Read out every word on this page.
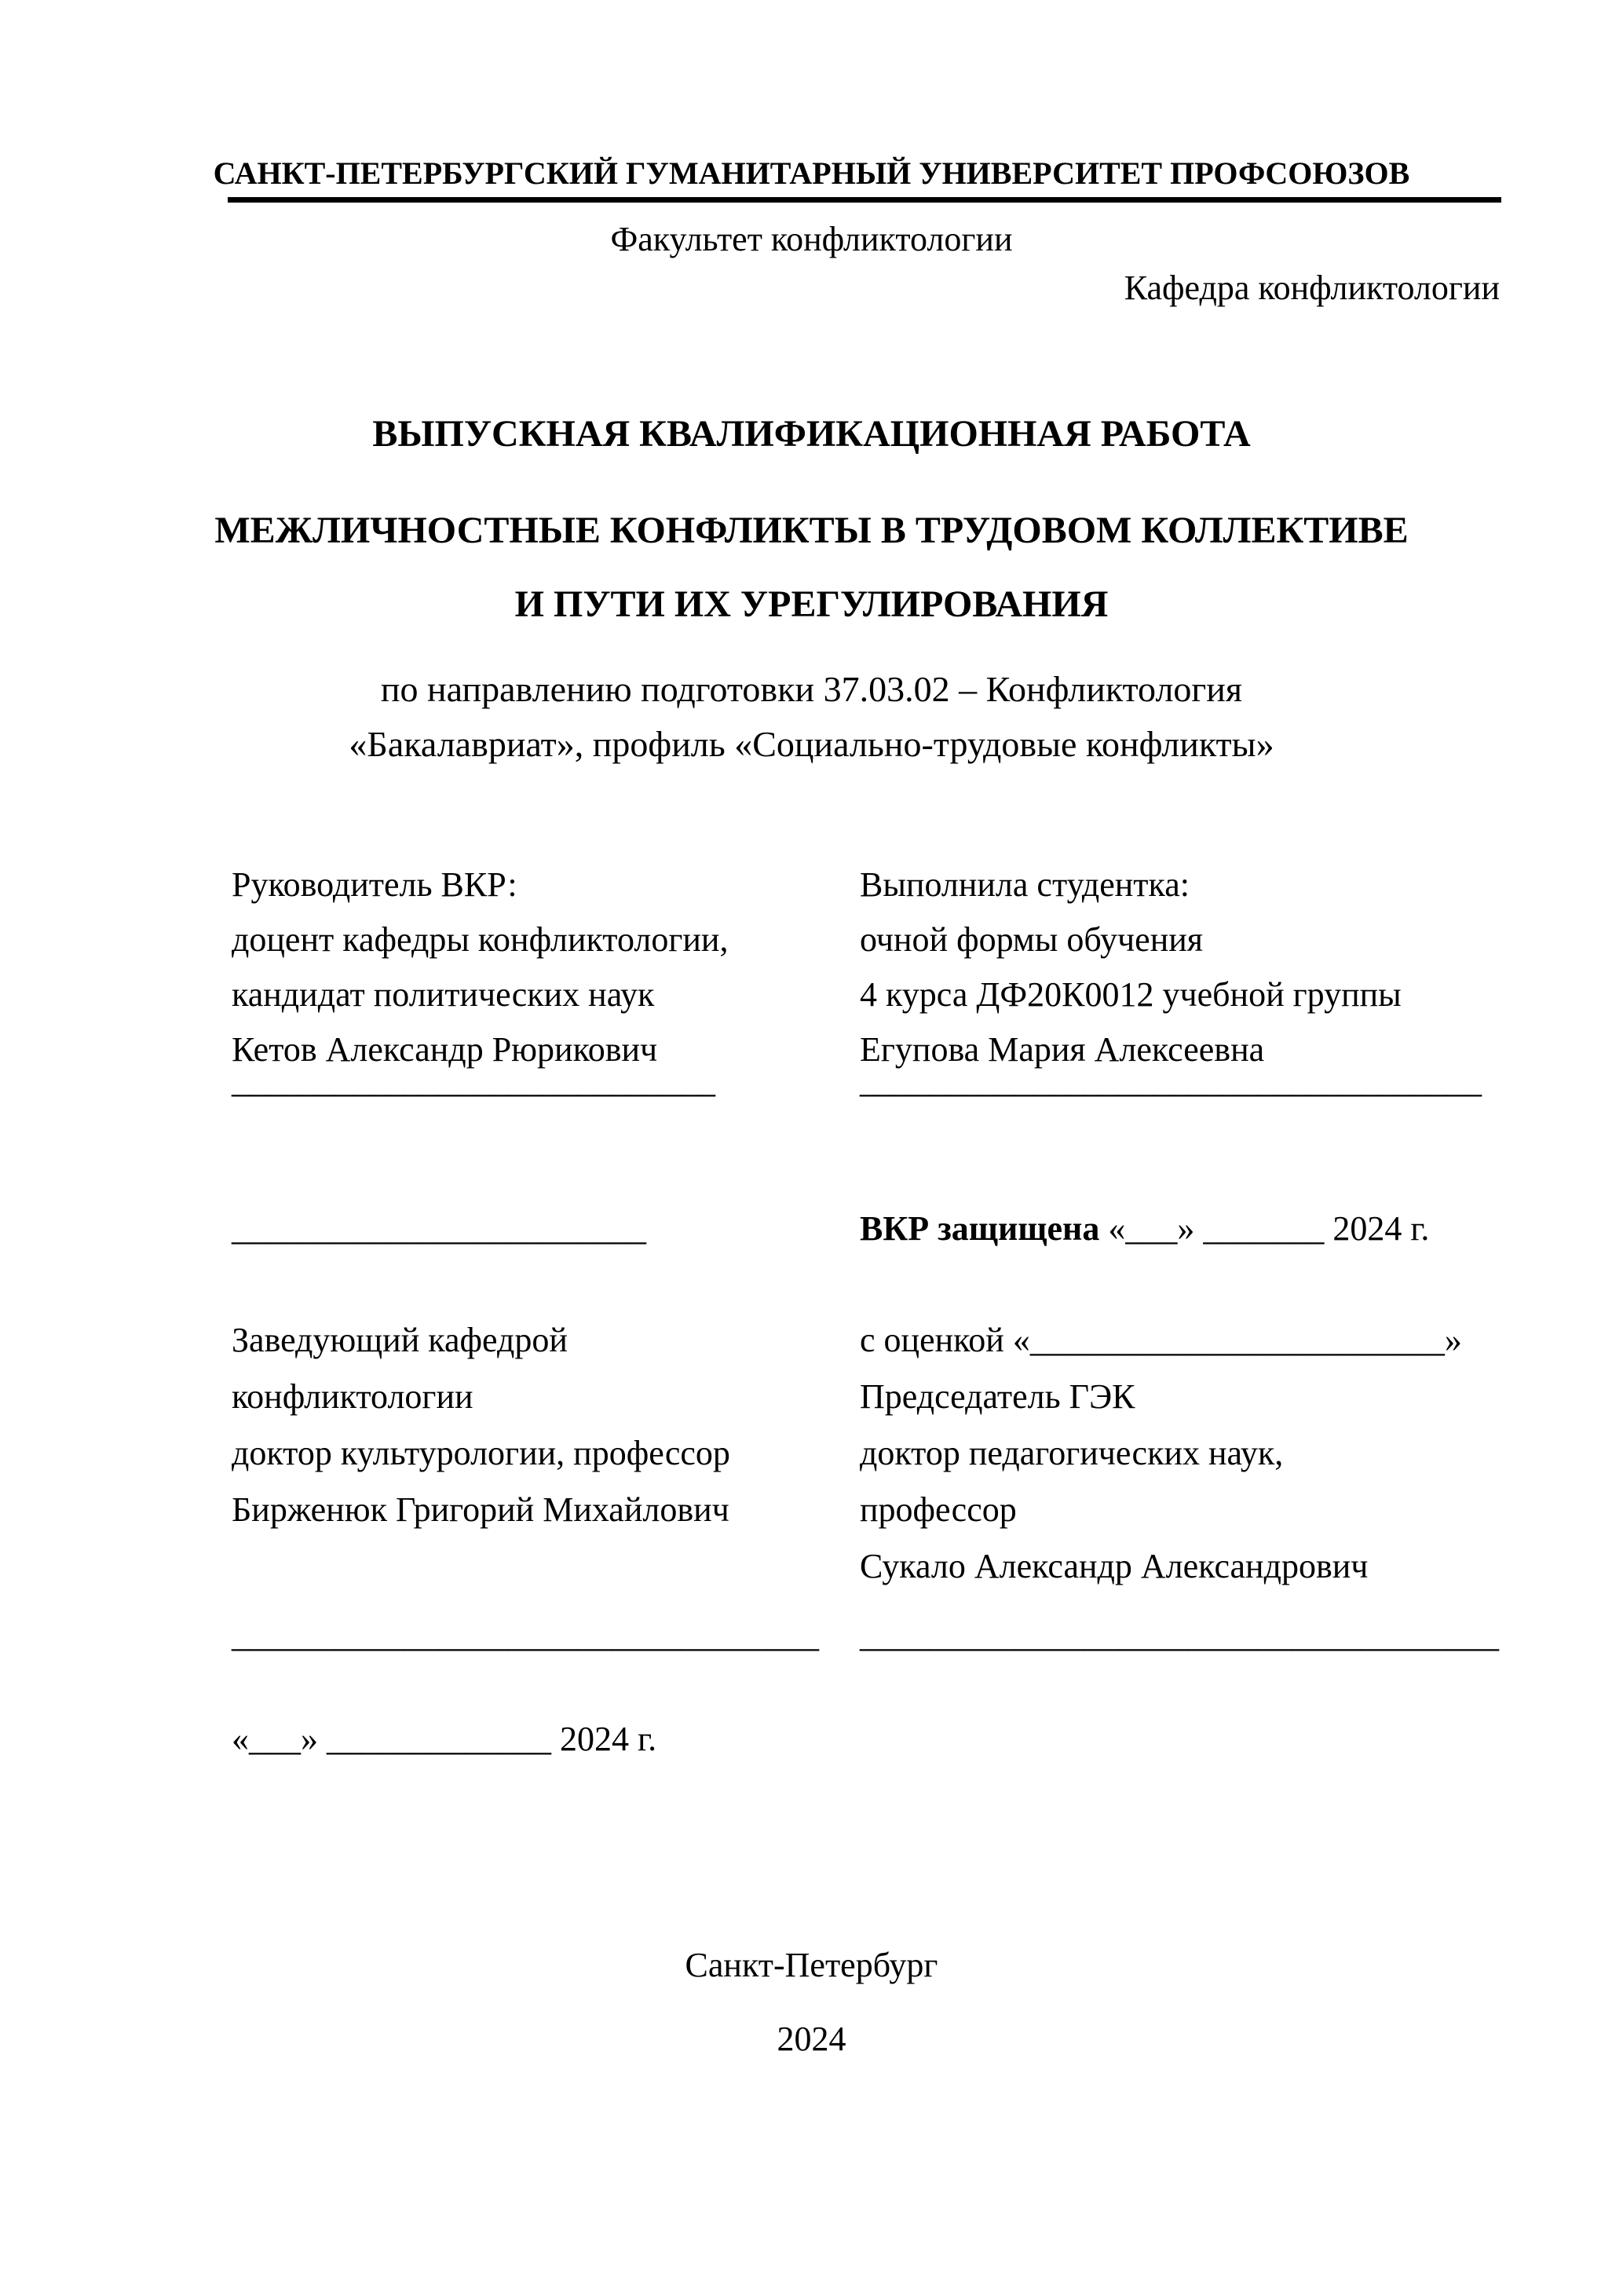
САНКТ-ПЕТЕРБУРГСКИЙ ГУМАНИТАРНЫЙ УНИВЕРСИТЕТ ПРОФСОЮЗОВ
Факультет конфликтологии
Кафедра конфликтологии
ВЫПУСКНАЯ КВАЛИФИКАЦИОННАЯ РАБОТА
МЕЖЛИЧНОСТНЫЕ КОНФЛИКТЫ В ТРУДОВОМ КОЛЛЕКТИВЕ
И ПУТИ ИХ УРЕГУЛИРОВАНИЯ
по направлению подготовки 37.03.02 – Конфликтология
«Бакалавриат», профиль «Социально-трудовые конфликты»
Руководитель ВКР:
доцент кафедры конфликтологии,
кандидат политических наук
Кетов Александр Рюрикович
____________________________
Выполнила студентка:
очной формы обучения
4 курса ДФ20К0012 учебной группы
Егупова Мария Алексеевна
____________________________________
________________________	ВКР защищена «___» _______ 2024 г.
Заведующий кафедрой
конфликтологии
доктор культурологии, профессор
Бирженюк Григорий Михайлович
с оценкой «________________________»
Председатель ГЭК
доктор педагогических наук,
профессор
Сукало Александр Александрович
__________________________________ _____________________________________
«___» _____________ 2024 г.
Санкт-Петербург
2024
